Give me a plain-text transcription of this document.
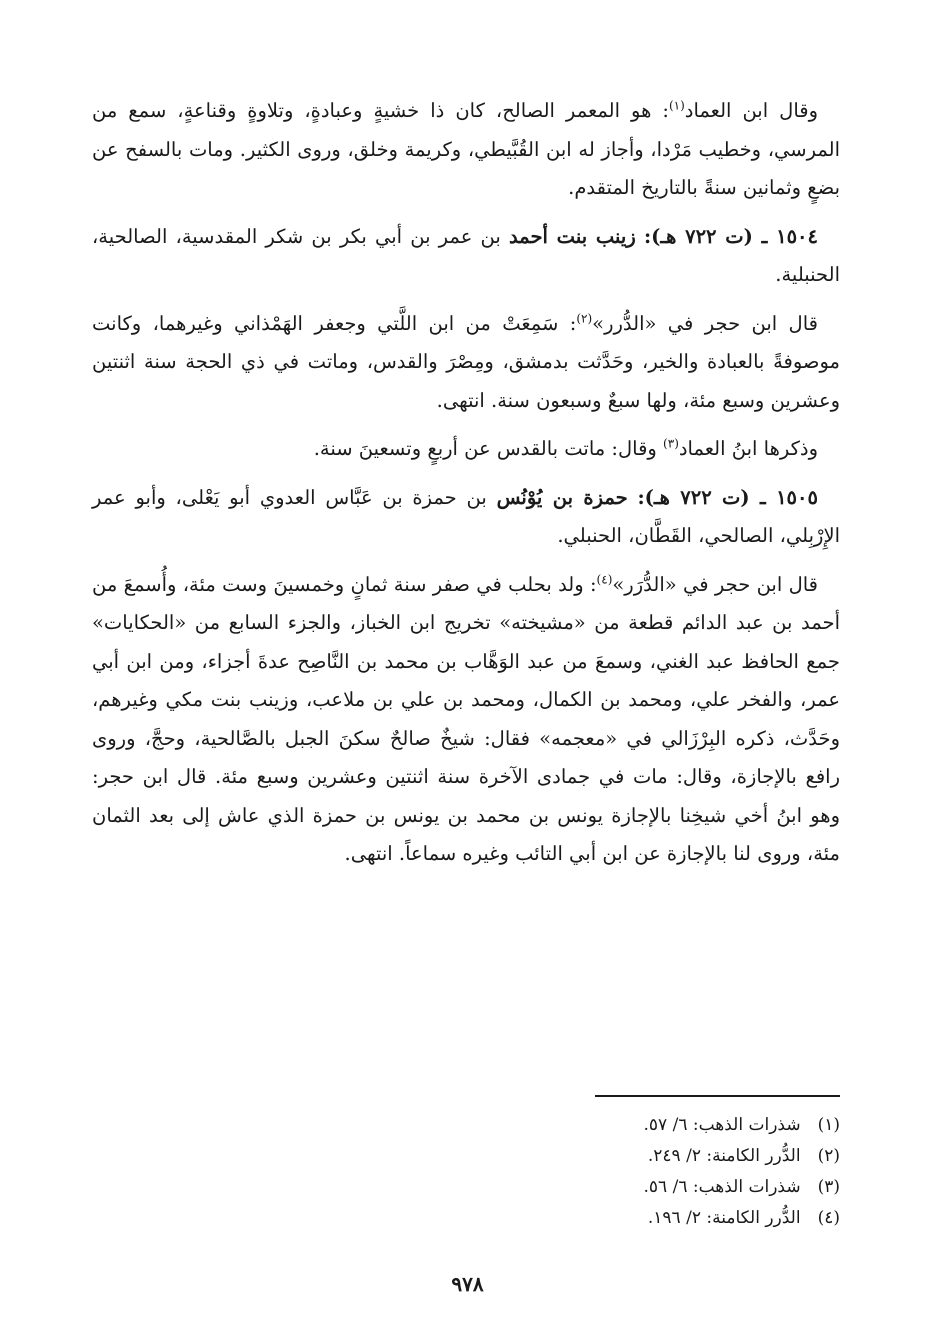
وقال ابن العماد$^{(١)}$: هو المعمر الصالح، كان ذا خشيةٍ وعبادةٍ، وتلاوةٍ وقناعةٍ، سمع من المرسي، وخطيب مَرْدا، وأجاز له ابن القُبَّيطي، وكريمة وخلق، وروى الكثير. ومات بالسفح عن بضعٍ وثمانين سنةً بالتاريخ المتقدم.

١٥٠٤ ـ (ت ٧٢٢ هـ): زينب بنت أحمد بن عمر بن أبي بكر بن شكر المقدسية، الصالحية، الحنبلية.

قال ابن حجر في «الدُّرر»$^{(٢)}$: سَمِعَتْ من ابن اللَّتي وجعفر الهَمْذاني وغيرهما، وكانت موصوفةً بالعبادة والخير، وحَدَّثت بدمشق، ومِصْرَ والقدس، وماتت في ذي الحجة سنة اثنتين وعشرين وسبع مئة، ولها سبعٌ وسبعون سنة. انتهى.

وذكرها ابنُ العماد$^{(٣)}$ وقال: ماتت بالقدس عن أربعٍ وتسعينَ سنة.

١٥٠٥ ـ (ت ٧٢٢ هـ): حمزة بن يُوْنُس بن حمزة بن عَبَّاس العدوي أبو يَعْلى، وأبو عمر الإِرْبِلي، الصالحي، القَطَّان، الحنبلي.

قال ابن حجر في «الدُّرَر»$^{(٤)}$: ولد بحلب في صفر سنة ثمانٍ وخمسينَ وست مئة، وأُسمعَ من أحمد بن عبد الدائم قطعة من «مشيخته» تخريج ابن الخباز، والجزء السابع من «الحكايات» جمع الحافظ عبد الغني، وسمعَ من عبد الوَهَّاب بن محمد بن النَّاصِح عدةَ أجزاء، ومن ابن أبي عمر، والفخر علي، ومحمد بن الكمال، ومحمد بن علي بن ملاعب، وزينب بنت مكي وغيرهم، وحَدَّث، ذكره البِرْزَالي في «معجمه» فقال: شيخٌ صالحٌ سكنَ الجبل بالصَّالحية، وحجَّ، وروى رافع بالإجازة، وقال: مات في جمادى الآخرة سنة اثنتين وعشرين وسبع مئة. قال ابن حجر: وهو ابنُ أخي شيخِنا بالإجازة يونس بن محمد بن يونس بن حمزة الذي عاش إلى بعد الثمان مئة، وروى لنا بالإجازة عن ابن أبي التائب وغيره سماعاً. انتهى.

(١) شذرات الذهب: ٦/ ٥٧.
(٢) الدُّرر الكامنة: ٢/ ٢٤٩.
(٣) شذرات الذهب: ٦/ ٥٦.
(٤) الدُّرر الكامنة: ٢/ ١٩٦.
٩٧٨
